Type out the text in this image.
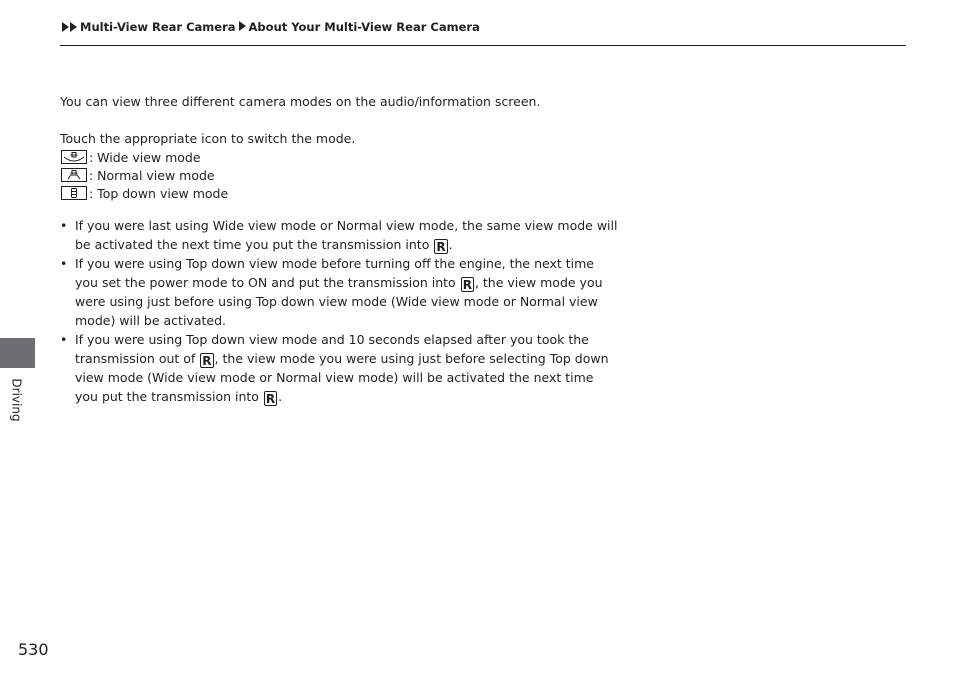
Driving
Multi-View Rear Camera About Your Multi-View Rear Camera

You can view three different camera modes on the audio/information screen.

Touch the appropriate icon to switch the mode.

: Wide view mode
: Normal view mode
: Top down view mode
• If you were last using Wide view mode or Normal view mode, the same view mode will be activated the next time you put the transmission into R .
• If you were using Top down view mode before turning off the engine, the next time you set the power mode to ON and put the transmission into R , the view mode you were using just before using Top down view mode (Wide view mode or Normal view mode) will be activated.
• If you were using Top down view mode and 10 seconds elapsed after you took the transmission out of R , the view mode you were using just before selecting Top down view mode (Wide view mode or Normal view mode) will be activated the next time you put the transmission into R .
530
